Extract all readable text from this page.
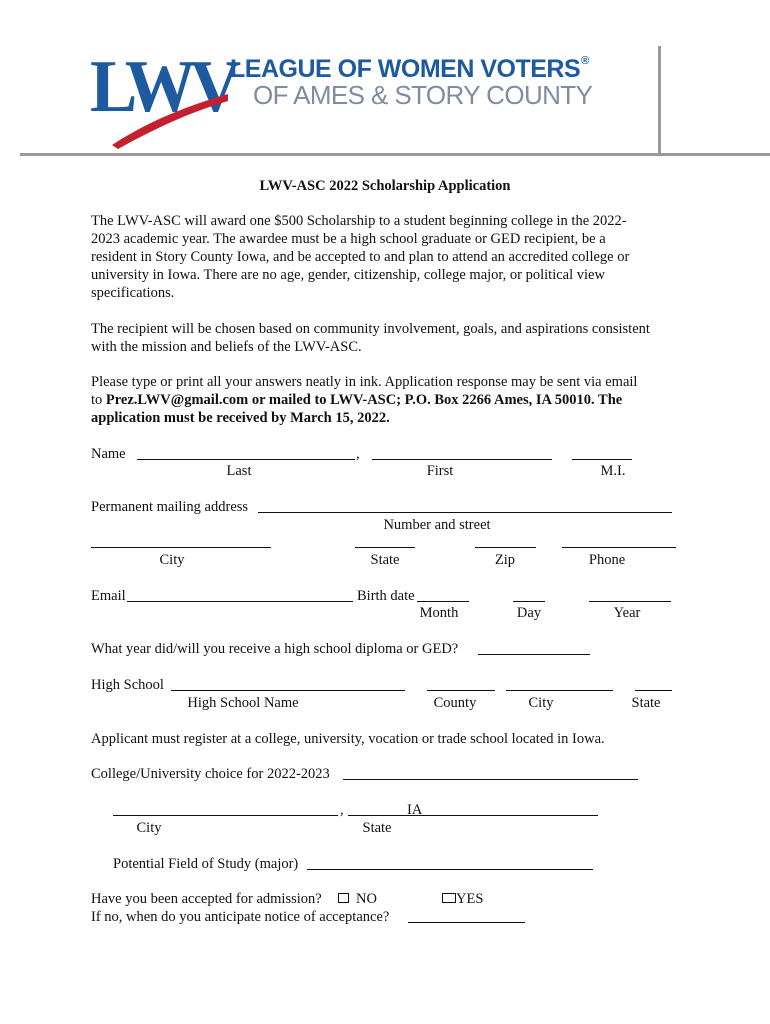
LWV
LEAGUE OF WOMEN VOTERS®
OF AMES & STORY COUNTY
LWV-ASC 2022 Scholarship Application
The LWV-ASC will award one $500 Scholarship to a student beginning college in the 2022-
2023 academic year. The awardee must be a high school graduate or GED recipient, be a
resident in Story County Iowa, and be accepted to and plan to attend an accredited college or
university in Iowa. There are no age, gender, citizenship, college major, or political view
specifications.
The recipient will be chosen based on community involvement, goals, and aspirations consistent
with the mission and beliefs of the LWV-ASC.
Please type or print all your answers neatly in ink. Application response may be sent via email
to Prez.LWV@gmail.com or mailed to LWV-ASC; P.O. Box 2266 Ames, IA 50010. The
application must be received by March 15, 2022.
Name	,
Last	First	M.I.
Permanent mailing address
Number and street
City	State	Zip	Phone
Email	Birth date
Month	Day	Year
What year did/will you receive a high school diploma or GED?
High School
High School Name	County	City	State
Applicant must register at a college, university, vocation or trade school located in Iowa.
College/University choice for 2022-2023
,	IA
City	State
Potential Field of Study (major)
Have you been accepted for admission? NO	YES
If no, when do you anticipate notice of acceptance?
